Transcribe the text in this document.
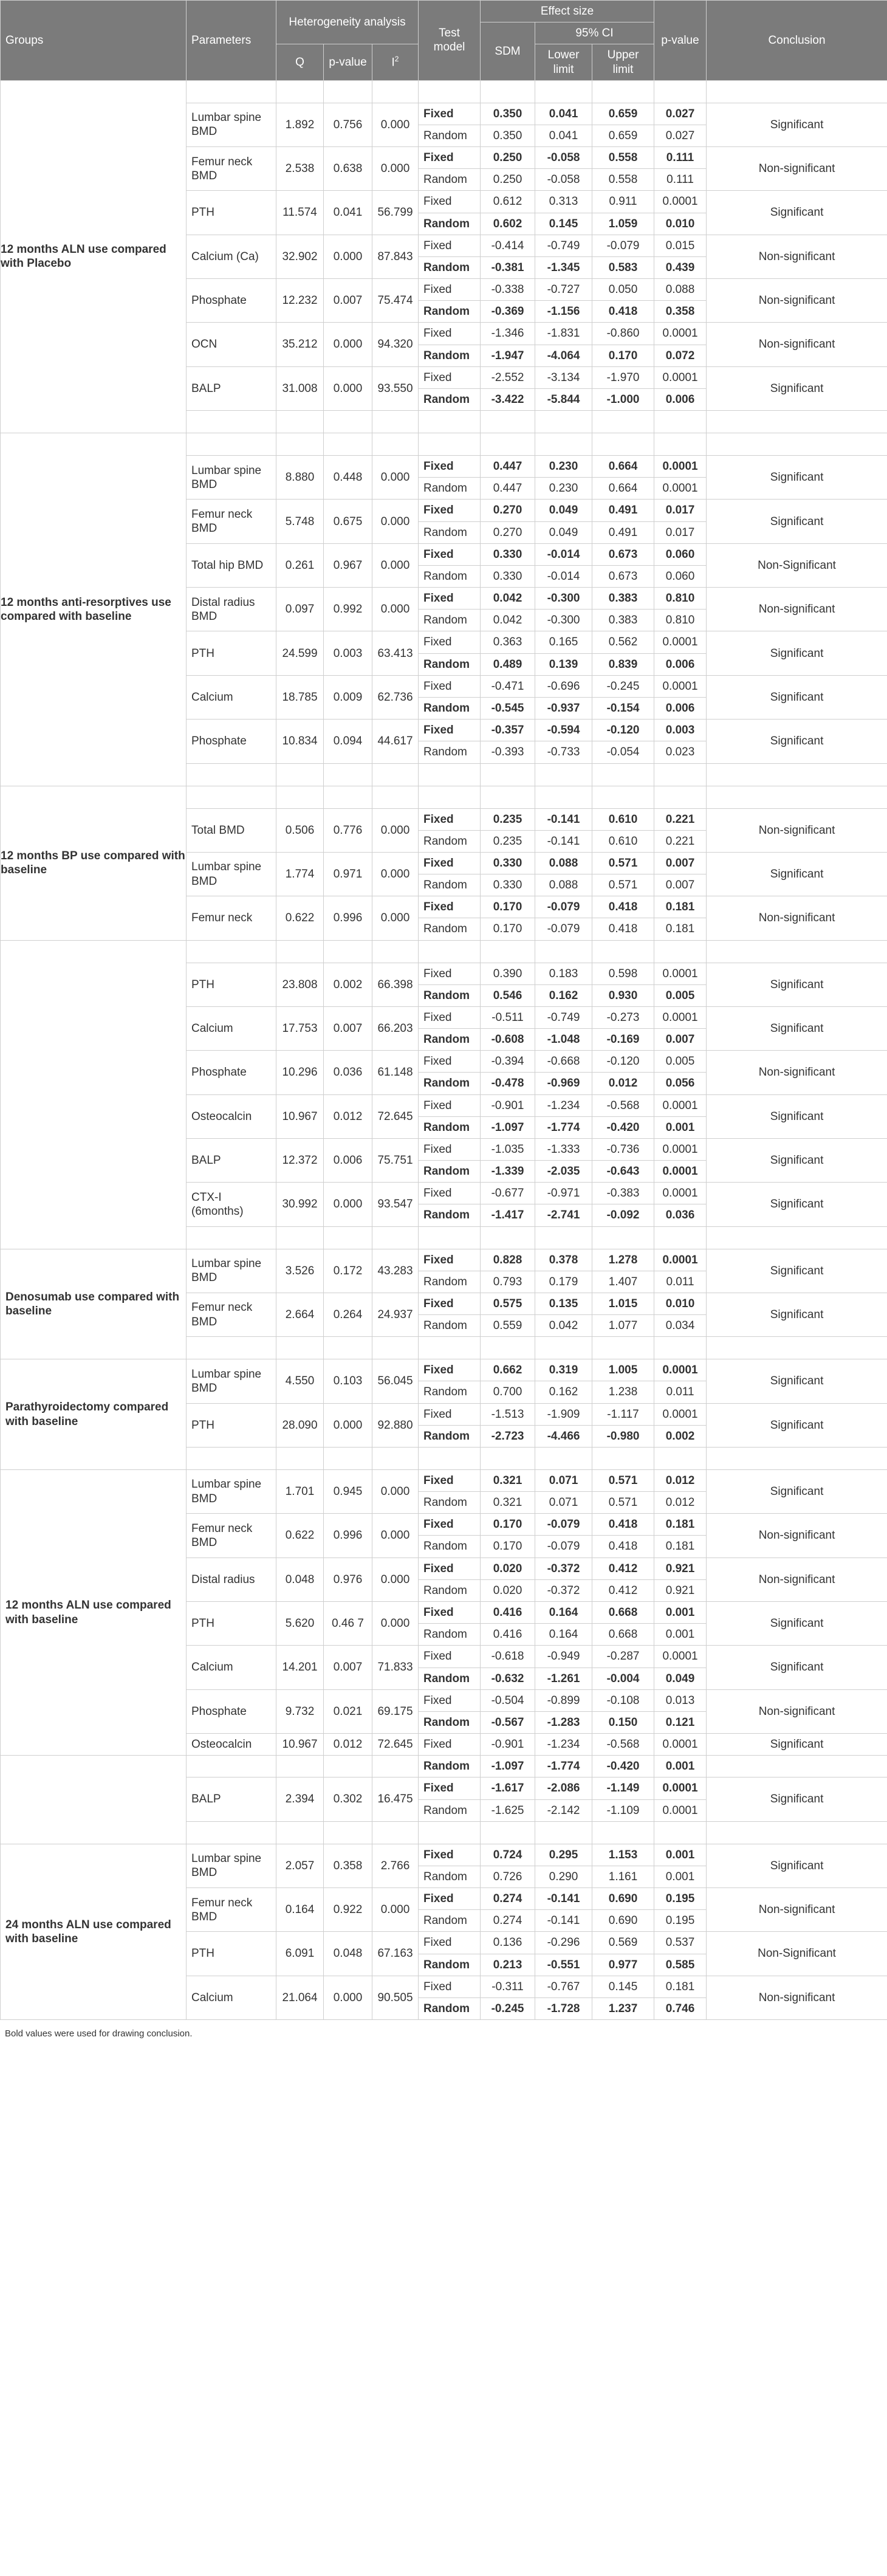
Groups	Parameters	Heterogeneity analysis			Test model	Effect size			p-value	Conclusion
						SDM	95% CI			
		Q	p-value	$I^2$			Lower limit	Upper limit		
12 months ALN use compared with Placebo										
	Lumbar spine BMD	1.892	0.756	0.000	Fixed	0.350	0.041	0.659	0.027	Significant
					Random	0.350	0.041	0.659	0.027	
	Femur neck BMD	2.538	0.638	0.000	Fixed	0.250	-0.058	0.558	0.111	Non-significant
					Random	0.250	-0.058	0.558	0.111	
	PTH	11.574	0.041	56.799	Fixed	0.612	0.313	0.911	0.0001	Significant
					Random	0.602	0.145	1.059	0.010	
	Calcium (Ca)	32.902	0.000	87.843	Fixed	-0.414	-0.749	-0.079	0.015	Non-significant
					Random	-0.381	-1.345	0.583	0.439	
	Phosphate	12.232	0.007	75.474	Fixed	-0.338	-0.727	0.050	0.088	Non-significant
					Random	-0.369	-1.156	0.418	0.358	
	OCN	35.212	0.000	94.320	Fixed	-1.346	-1.831	-0.860	0.0001	Non-significant
					Random	-1.947	-4.064	0.170	0.072	
	BALP	31.008	0.000	93.550	Fixed	-2.552	-3.134	-1.970	0.0001	Significant
					Random	-3.422	-5.844	-1.000	0.006	

12 months anti-resorptives use compared with baseline										
	Lumbar spine BMD	8.880	0.448	0.000	Fixed	0.447	0.230	0.664	0.0001	Significant
					Random	0.447	0.230	0.664	0.0001	
	Femur neck BMD	5.748	0.675	0.000	Fixed	0.270	0.049	0.491	0.017	Significant
					Random	0.270	0.049	0.491	0.017	
	Total hip BMD	0.261	0.967	0.000	Fixed	0.330	-0.014	0.673	0.060	Non-Significant
					Random	0.330	-0.014	0.673	0.060	
	Distal radius BMD	0.097	0.992	0.000	Fixed	0.042	-0.300	0.383	0.810	Non-significant
					Random	0.042	-0.300	0.383	0.810	
	PTH	24.599	0.003	63.413	Fixed	0.363	0.165	0.562	0.0001	Significant
					Random	0.489	0.139	0.839	0.006	
	Calcium	18.785	0.009	62.736	Fixed	-0.471	-0.696	-0.245	0.0001	Significant
					Random	-0.545	-0.937	-0.154	0.006	
	Phosphate	10.834	0.094	44.617	Fixed	-0.357	-0.594	-0.120	0.003	Significant
					Random	-0.393	-0.733	-0.054	0.023	

12 months BP use compared with baseline										
	Total BMD	0.506	0.776	0.000	Fixed	0.235	-0.141	0.610	0.221	Non-significant
					Random	0.235	-0.141	0.610	0.221	
	Lumbar spine BMD	1.774	0.971	0.000	Fixed	0.330	0.088	0.571	0.007	Significant
					Random	0.330	0.088	0.571	0.007	
	Femur neck	0.622	0.996	0.000	Fixed	0.170	-0.079	0.418	0.181	Non-significant
					Random	0.170	-0.079	0.418	0.181	

	PTH	23.808	0.002	66.398	Fixed	0.390	0.183	0.598	0.0001	Significant
					Random	0.546	0.162	0.930	0.005	
	Calcium	17.753	0.007	66.203	Fixed	-0.511	-0.749	-0.273	0.0001	Significant
					Random	-0.608	-1.048	-0.169	0.007	
	Phosphate	10.296	0.036	61.148	Fixed	-0.394	-0.668	-0.120	0.005	Non-significant
					Random	-0.478	-0.969	0.012	0.056	
	Osteocalcin	10.967	0.012	72.645	Fixed	-0.901	-1.234	-0.568	0.0001	Significant
					Random	-1.097	-1.774	-0.420	0.001	
	BALP	12.372	0.006	75.751	Fixed	-1.035	-1.333	-0.736	0.0001	Significant
					Random	-1.339	-2.035	-0.643	0.0001	
	CTX-I (6months)	30.992	0.000	93.547	Fixed	-0.677	-0.971	-0.383	0.0001	Significant
					Random	-1.417	-2.741	-0.092	0.036	

Denosumab use compared with baseline	Lumbar spine BMD	3.526	0.172	43.283	Fixed	0.828	0.378	1.278	0.0001	Significant
					Random	0.793	0.179	1.407	0.011	
	Femur neck BMD	2.664	0.264	24.937	Fixed	0.575	0.135	1.015	0.010	Significant
					Random	0.559	0.042	1.077	0.034	

Parathyroidectomy compared with baseline	Lumbar spine BMD	4.550	0.103	56.045	Fixed	0.662	0.319	1.005	0.0001	Significant
					Random	0.700	0.162	1.238	0.011	
	PTH	28.090	0.000	92.880	Fixed	-1.513	-1.909	-1.117	0.0001	Significant
					Random	-2.723	-4.466	-0.980	0.002	

12 months ALN use compared with baseline	Lumbar spine BMD	1.701	0.945	0.000	Fixed	0.321	0.071	0.571	0.012	Significant
					Random	0.321	0.071	0.571	0.012	
	Femur neck BMD	0.622	0.996	0.000	Fixed	0.170	-0.079	0.418	0.181	Non-significant
					Random	0.170	-0.079	0.418	0.181	
	Distal radius	0.048	0.976	0.000	Fixed	0.020	-0.372	0.412	0.921	Non-significant
					Random	0.020	-0.372	0.412	0.921	
	PTH	5.620	0.46 7	0.000	Fixed	0.416	0.164	0.668	0.001	Significant
					Random	0.416	0.164	0.668	0.001	
	Calcium	14.201	0.007	71.833	Fixed	-0.618	-0.949	-0.287	0.0001	Significant
					Random	-0.632	-1.261	-0.004	0.049	
	Phosphate	9.732	0.021	69.175	Fixed	-0.504	-0.899	-0.108	0.013	Non-significant
					Random	-0.567	-1.283	0.150	0.121	
	Osteocalcin	10.967	0.012	72.645	Fixed	-0.901	-1.234	-0.568	0.0001	Significant
					Random	-1.097	-1.774	-0.420	0.001	
	BALP	2.394	0.302	16.475	Fixed	-1.617	-2.086	-1.149	0.0001	Significant
					Random	-1.625	-2.142	-1.109	0.0001	

24 months ALN use compared with baseline	Lumbar spine BMD	2.057	0.358	2.766	Fixed	0.724	0.295	1.153	0.001	Significant
					Random	0.726	0.290	1.161	0.001	
	Femur neck BMD	0.164	0.922	0.000	Fixed	0.274	-0.141	0.690	0.195	Non-significant
					Random	0.274	-0.141	0.690	0.195	
	PTH	6.091	0.048	67.163	Fixed	0.136	-0.296	0.569	0.537	Non-Significant
					Random	0.213	-0.551	0.977	0.585	
	Calcium	21.064	0.000	90.505	Fixed	-0.311	-0.767	0.145	0.181	Non-significant
					Random	-0.245	-1.728	1.237	0.746	
Bold values were used for drawing conclusion.
